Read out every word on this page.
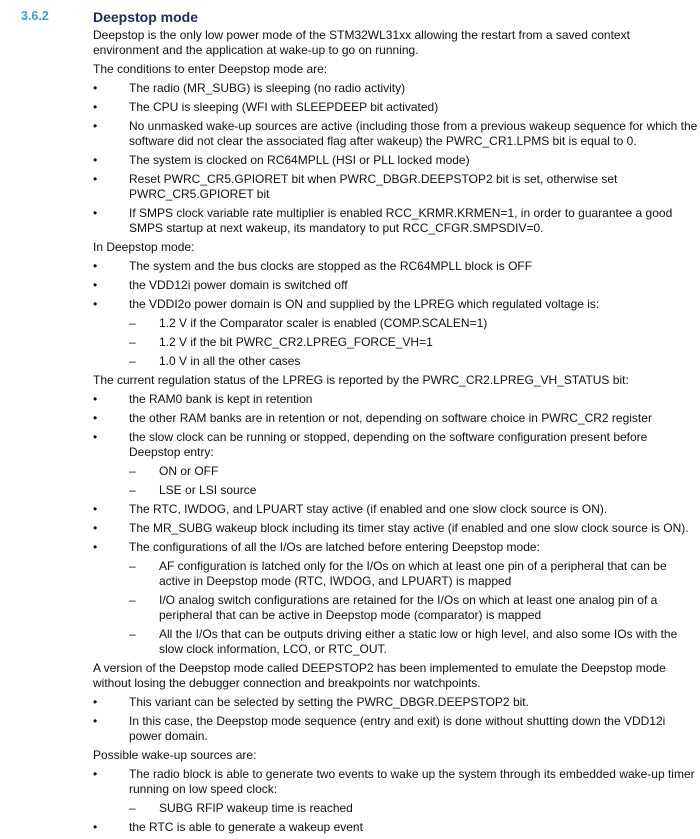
3.6.2	Deepstop mode
Deepstop is the only low power mode of the STM32WL31xx allowing the restart from a saved context environment and the application at wake-up to go on running.
The conditions to enter Deepstop mode are:
•	The radio (MR_SUBG) is sleeping (no radio activity)
•	The CPU is sleeping (WFI with SLEEPDEEP bit activated)
•	No unmasked wake-up sources are active (including those from a previous wakeup sequence for which the software did not clear the associated flag after wakeup) the PWRC_CR1.LPMS bit is equal to 0.
•	The system is clocked on RC64MPLL (HSI or PLL locked mode)
•	Reset PWRC_CR5.GPIORET bit when PWRC_DBGR.DEEPSTOP2 bit is set, otherwise set PWRC_CR5.GPIORET bit
•	If SMPS clock variable rate multiplier is enabled RCC_KRMR.KRMEN=1, in order to guarantee a good SMPS startup at next wakeup, its mandatory to put RCC_CFGR.SMPSDIV=0.
In Deepstop mode:
•	The system and the bus clocks are stopped as the RC64MPLL block is OFF
•	the VDD12i power domain is switched off
•	the VDDI2o power domain is ON and supplied by the LPREG which regulated voltage is:
– 1.2 V if the Comparator scaler is enabled (COMP.SCALEN=1)
– 1.2 V if the bit PWRC_CR2.LPREG_FORCE_VH=1
– 1.0 V in all the other cases
The current regulation status of the LPREG is reported by the PWRC_CR2.LPREG_VH_STATUS bit:
•	the RAM0 bank is kept in retention
•	the other RAM banks are in retention or not, depending on software choice in PWRC_CR2 register
•	the slow clock can be running or stopped, depending on the software configuration present before Deepstop entry:
– ON or OFF
– LSE or LSI source
•	The RTC, IWDOG, and LPUART stay active (if enabled and one slow clock source is ON).
•	The MR_SUBG wakeup block including its timer stay active (if enabled and one slow clock source is ON).
•	The configurations of all the I/Os are latched before entering Deepstop mode:
– AF configuration is latched only for the I/Os on which at least one pin of a peripheral that can be active in Deepstop mode (RTC, IWDOG, and LPUART) is mapped
– I/O analog switch configurations are retained for the I/Os on which at least one analog pin of a peripheral that can be active in Deepstop mode (comparator) is mapped
– All the I/Os that can be outputs driving either a static low or high level, and also some IOs with the slow clock information, LCO, or RTC_OUT.
A version of the Deepstop mode called DEEPSTOP2 has been implemented to emulate the Deepstop mode without losing the debugger connection and breakpoints nor watchpoints.
•	This variant can be selected by setting the PWRC_DBGR.DEEPSTOP2 bit.
•	In this case, the Deepstop mode sequence (entry and exit) is done without shutting down the VDD12i power domain.
Possible wake-up sources are:
•	The radio block is able to generate two events to wake up the system through its embedded wake-up timer running on low speed clock:
– SUBG RFIP wakeup time is reached
•	the RTC is able to generate a wakeup event
